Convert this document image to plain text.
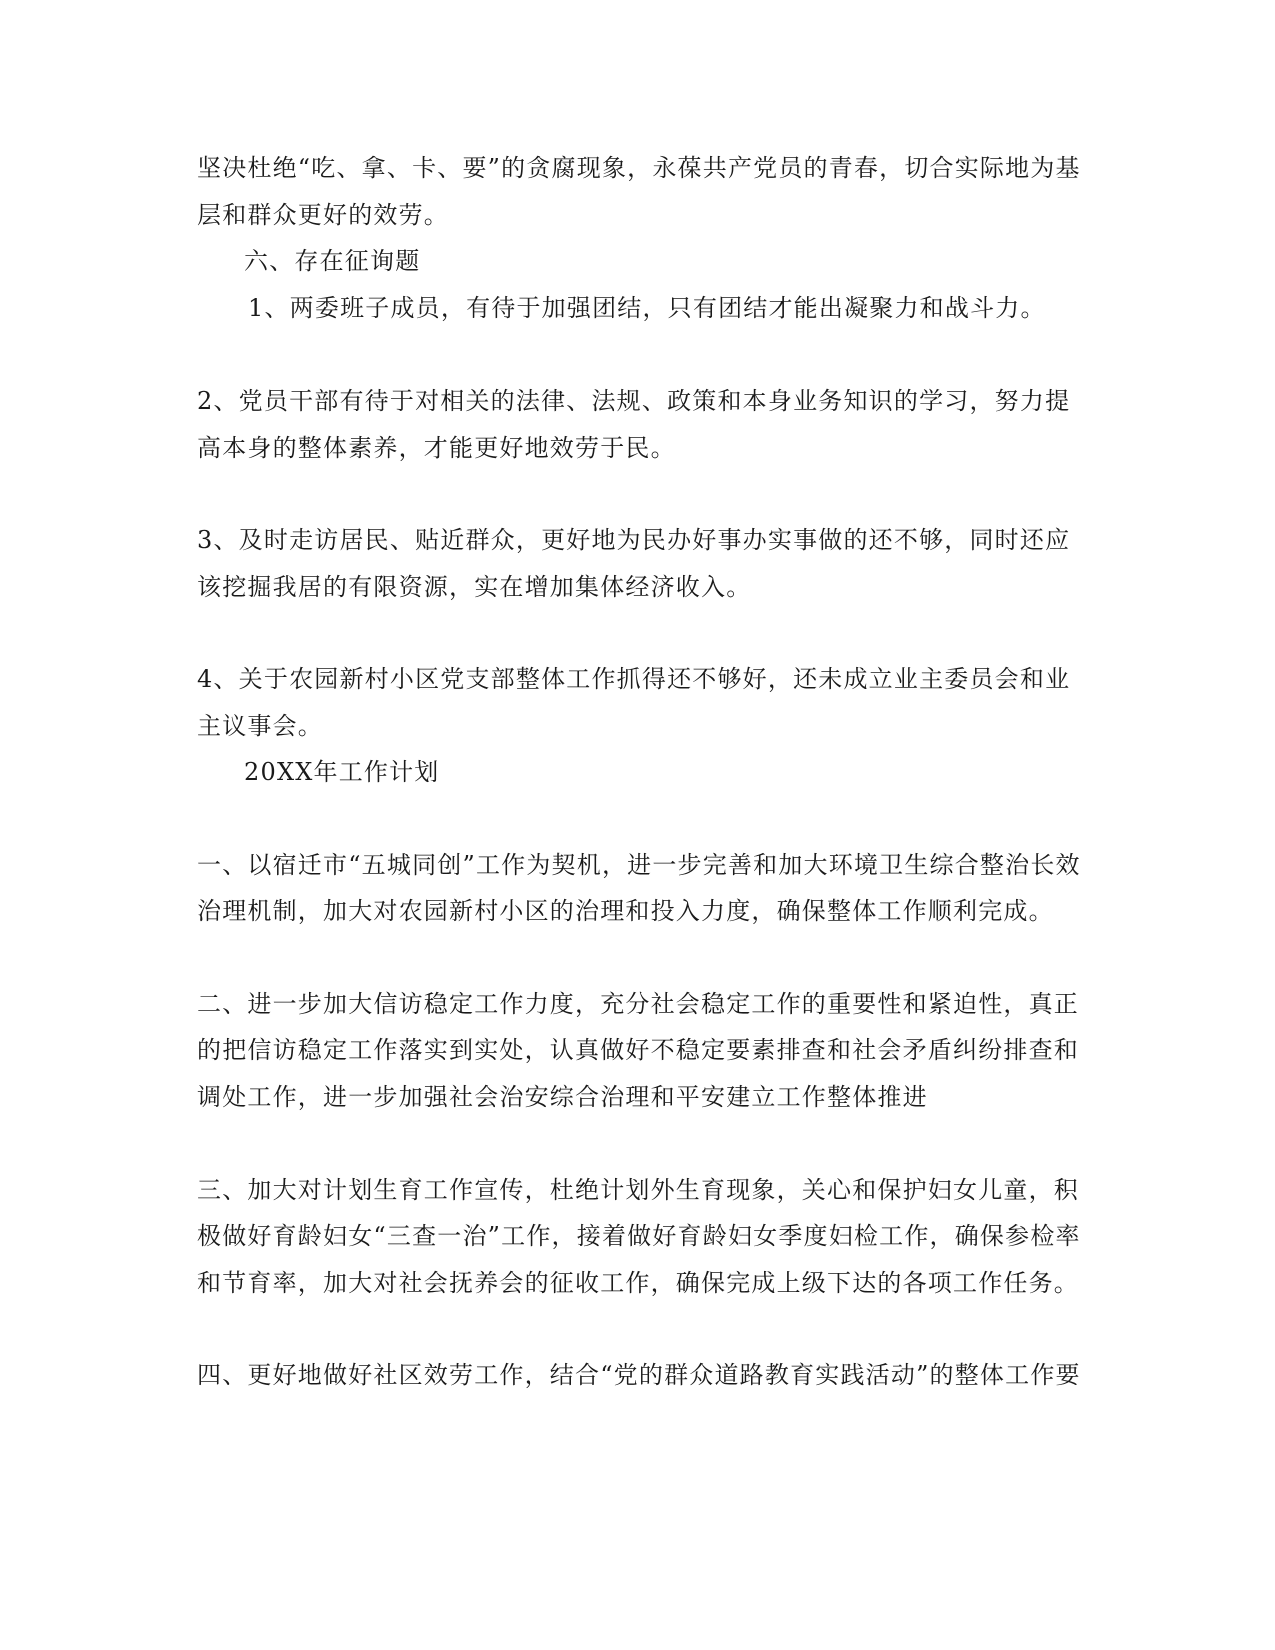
坚决杜绝“吃、拿、卡、要”的贪腐现象，永葆共产党员的青春，切合实际地为基
层和群众更好的效劳。
六、存在征询题
1、两委班子成员，有待于加强团结，只有团结才能出凝聚力和战斗力。
2、党员干部有待于对相关的法律、法规、政策和本身业务知识的学习，努力提
高本身的整体素养，才能更好地效劳于民。
3、及时走访居民、贴近群众，更好地为民办好事办实事做的还不够，同时还应
该挖掘我居的有限资源，实在增加集体经济收入。
4、关于农园新村小区党支部整体工作抓得还不够好，还未成立业主委员会和业
主议事会。
20XX年工作计划
一、以宿迁市“五城同创”工作为契机，进一步完善和加大环境卫生综合整治长效
治理机制，加大对农园新村小区的治理和投入力度，确保整体工作顺利完成。
二、进一步加大信访稳定工作力度，充分社会稳定工作的重要性和紧迫性，真正
的把信访稳定工作落实到实处，认真做好不稳定要素排查和社会矛盾纠纷排查和
调处工作，进一步加强社会治安综合治理和平安建立工作整体推进
三、加大对计划生育工作宣传，杜绝计划外生育现象，关心和保护妇女儿童，积
极做好育龄妇女“三查一治”工作，接着做好育龄妇女季度妇检工作，确保参检率
和节育率，加大对社会抚养会的征收工作，确保完成上级下达的各项工作任务。
四、更好地做好社区效劳工作，结合“党的群众道路教育实践活动”的整体工作要
